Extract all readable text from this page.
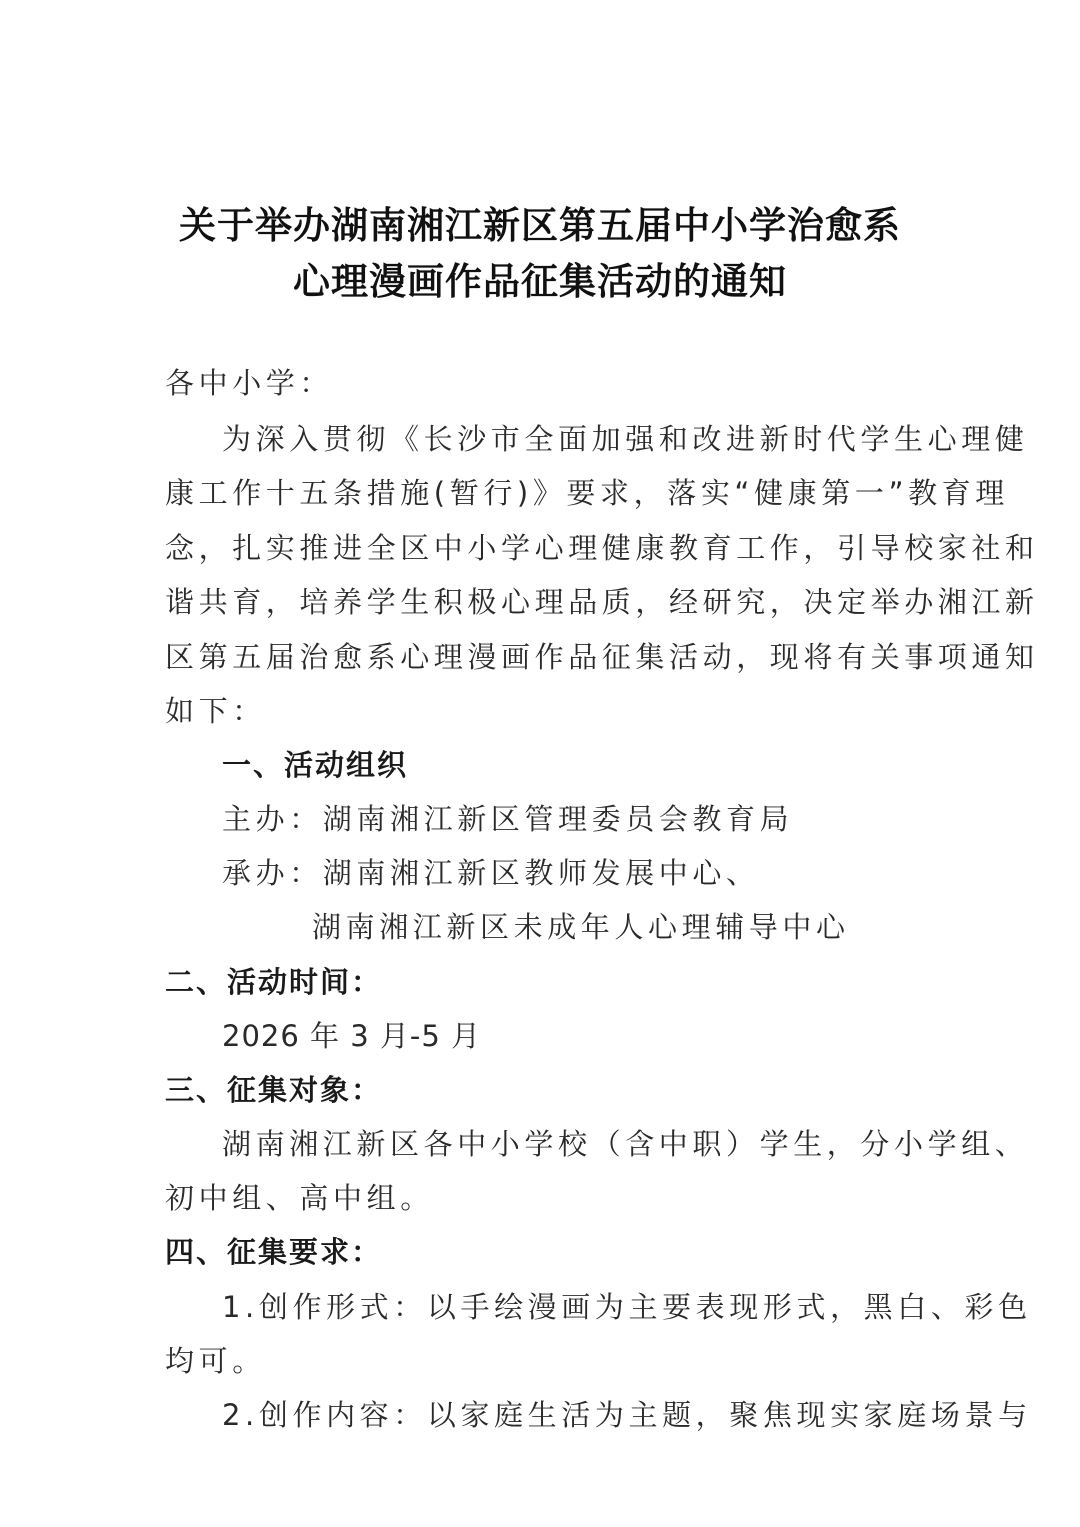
关于举办湖南湘江新区第五届中小学治愈系
心理漫画作品征集活动的通知
各中小学：
为深入贯彻《长沙市全面加强和改进新时代学生心理健
康工作十五条措施(暂行)》要求，落实“健康第一”教育理
念，扎实推进全区中小学心理健康教育工作，引导校家社和
谐共育，培养学生积极心理品质，经研究，决定举办湘江新
区第五届治愈系心理漫画作品征集活动，现将有关事项通知
如下：
一、活动组织
主办：湖南湘江新区管理委员会教育局
承办：湖南湘江新区教师发展中心、
湖南湘江新区未成年人心理辅导中心
二、活动时间：
2026 年 3 月-5 月
三、征集对象：
湖南湘江新区各中小学校（含中职）学生，分小学组、
初中组、高中组。
四、征集要求：
1.创作形式：以手绘漫画为主要表现形式，黑白、彩色
均可。
2.创作内容：以家庭生活为主题，聚焦现实家庭场景与
